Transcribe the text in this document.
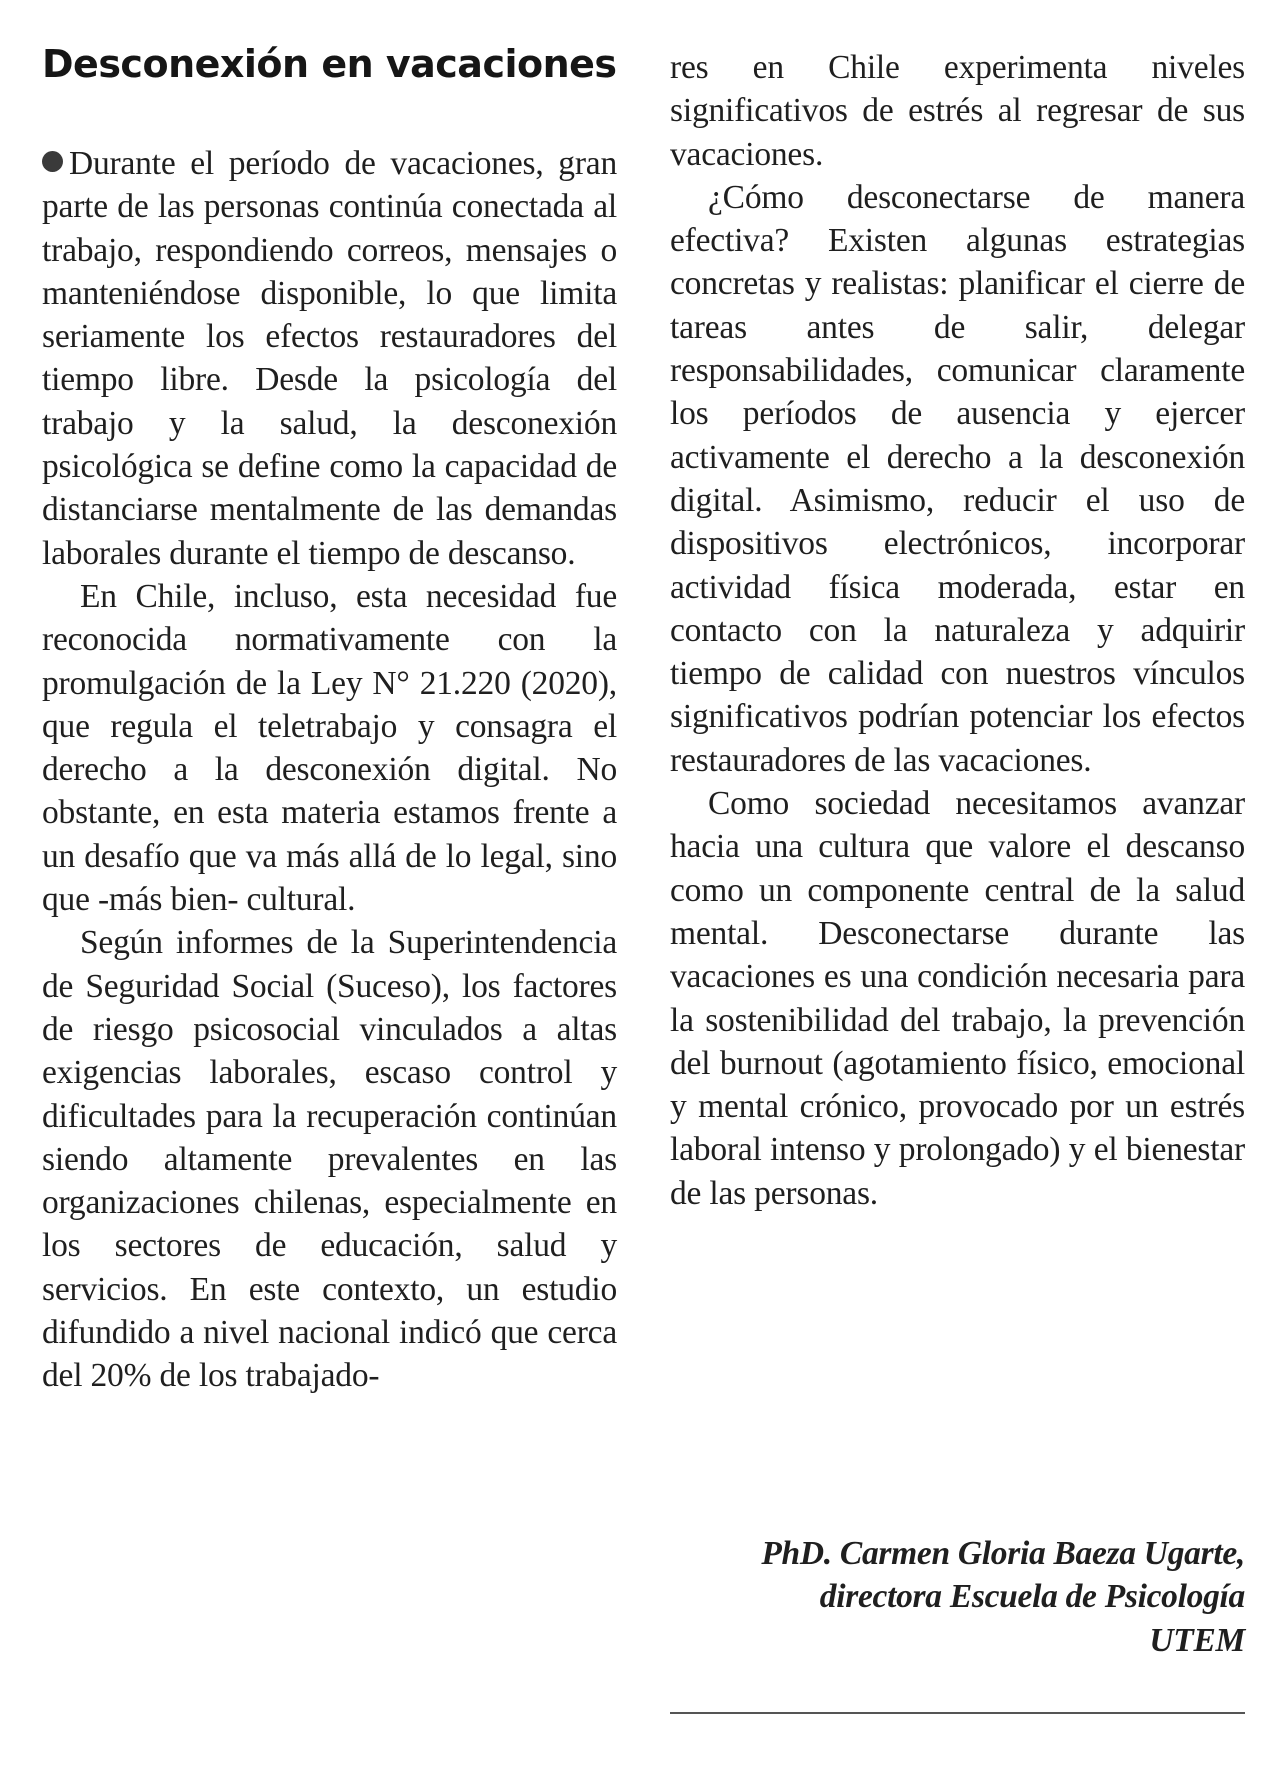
Desconexión en vacaciones

Durante el período de vacaciones, gran parte de las personas continúa conectada al trabajo, respondiendo correos, mensajes o manteniéndose disponible, lo que limita seriamente los efectos restauradores del tiempo libre. Desde la psicología del trabajo y la salud, la desconexión psicológica se define como la capacidad de distanciarse mentalmente de las demandas laborales durante el tiempo de descanso.

En Chile, incluso, esta necesidad fue reconocida normativamente con la promulgación de la Ley N° 21.220 (2020), que regula el teletrabajo y consagra el derecho a la desconexión digital. No obstante, en esta materia estamos frente a un desafío que va más allá de lo legal, sino que -más bien- cultural.

Según informes de la Superintendencia de Seguridad Social (Suceso), los factores de riesgo psicosocial vinculados a altas exigencias laborales, escaso control y dificultades para la recuperación continúan siendo altamente prevalentes en las organizaciones chilenas, especialmente en los sectores de educación, salud y servicios. En este contexto, un estudio difundido a nivel nacional indicó que cerca del 20% de los trabajado-

res en Chile experimenta niveles significativos de estrés al regresar de sus vacaciones.

¿Cómo desconectarse de manera efectiva? Existen algunas estrategias concretas y realistas: planificar el cierre de tareas antes de salir, delegar responsabilidades, comunicar claramente los períodos de ausencia y ejercer activamente el derecho a la desconexión digital. Asimismo, reducir el uso de dispositivos electrónicos, incorporar actividad física moderada, estar en contacto con la naturaleza y adquirir tiempo de calidad con nuestros vínculos significativos podrían potenciar los efectos restauradores de las vacaciones.

Como sociedad necesitamos avanzar hacia una cultura que valore el descanso como un componente central de la salud mental. Desconectarse durante las vacaciones es una condición necesaria para la sostenibilidad del trabajo, la prevención del burnout (agotamiento físico, emocional y mental crónico, provocado por un estrés laboral intenso y prolongado) y el bienestar de las personas.

PhD. Carmen Gloria Baeza Ugarte,
directora Escuela de Psicología
UTEM
